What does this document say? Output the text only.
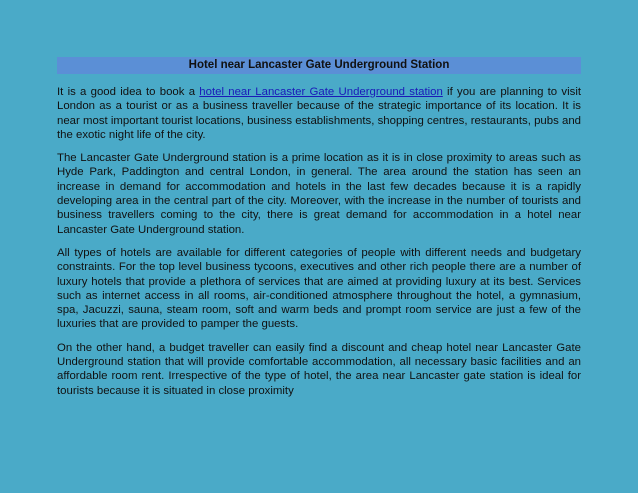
Hotel near Lancaster Gate Underground Station

It is a good idea to book a hotel near Lancaster Gate Underground station if you are planning to visit London as a tourist or as a business traveller because of the strategic importance of its location. It is near most important tourist locations, business establishments, shopping centres, restaurants, pubs and the exotic night life of the city.

The Lancaster Gate Underground station is a prime location as it is in close proximity to areas such as Hyde Park, Paddington and central London, in general. The area around the station has seen an increase in demand for accommodation and hotels in the last few decades because it is a rapidly developing area in the central part of the city. Moreover, with the increase in the number of tourists and business travellers coming to the city, there is great demand for accommodation in a hotel near Lancaster Gate Underground station.

All types of hotels are available for different categories of people with different needs and budgetary constraints. For the top level business tycoons, executives and other rich people there are a number of luxury hotels that provide a plethora of services that are aimed at providing luxury at its best. Services such as internet access in all rooms, air-conditioned atmosphere throughout the hotel, a gymnasium, spa, Jacuzzi, sauna, steam room, soft and warm beds and prompt room service are just a few of the luxuries that are provided to pamper the guests.

On the other hand, a budget traveller can easily find a discount and cheap hotel near Lancaster Gate Underground station that will provide comfortable accommodation, all necessary basic facilities and an affordable room rent. Irrespective of the type of hotel, the area near Lancaster gate station is ideal for tourists because it is situated in close proximity
